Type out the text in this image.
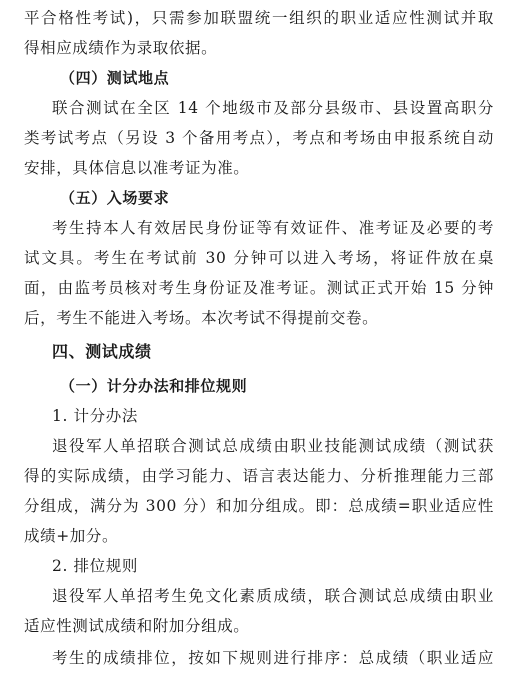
平合格性考试)，只需参加联盟统一组织的职业适应性测试并取
得相应成绩作为录取依据。
（四）测试地点
联合测试在全区 14 个地级市及部分县级市、县设置高职分
类考试考点（另设 3 个备用考点），考点和考场由申报系统自动
安排，具体信息以准考证为准。
（五）入场要求
考生持本人有效居民身份证等有效证件、准考证及必要的考
试文具。考生在考试前 30 分钟可以进入考场，将证件放在桌
面，由监考员核对考生身份证及准考证。测试正式开始 15 分钟
后，考生不能进入考场。本次考试不得提前交卷。
四、测试成绩
（一）计分办法和排位规则
1. 计分办法
退役军人单招联合测试总成绩由职业技能测试成绩（测试获
得的实际成绩，由学习能力、语言表达能力、分析推理能力三部
分组成，满分为 300 分）和加分组成。即：总成绩=职业适应性
成绩+加分。
2. 排位规则
退役军人单招考生免文化素质成绩，联合测试总成绩由职业
适应性测试成绩和附加分组成。
考生的成绩排位，按如下规则进行排序：总成绩（职业适应
